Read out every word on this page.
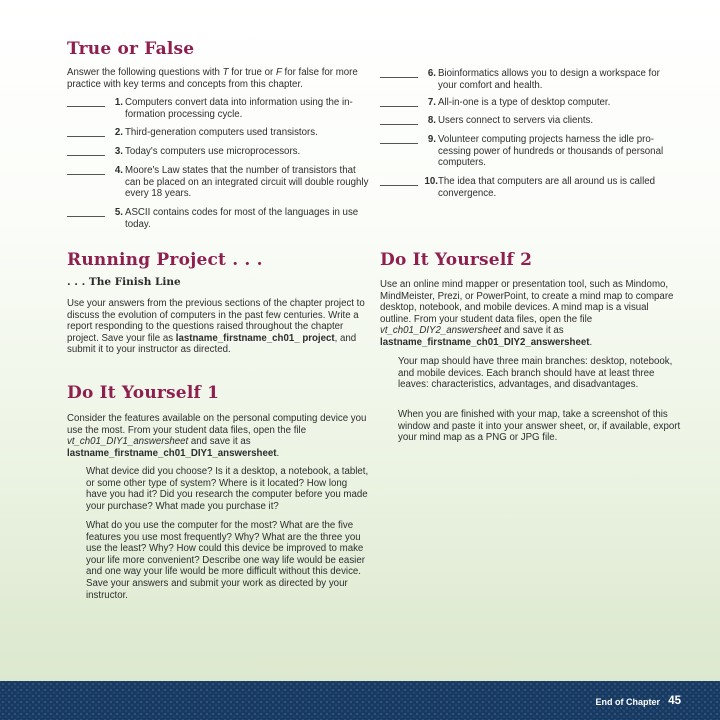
True or False

Answer the following questions with T for true or F for false for more practice with key terms and concepts from this chapter.

1. Computers convert data into information using the in-formation processing cycle.
2. Third-generation computers used transistors.
3. Today's computers use microprocessors.
4. Moore's Law states that the number of transistors that can be placed on an integrated circuit will double roughly every 18 years.
5. ASCII contains codes for most of the languages in use today.
6. Bioinformatics allows you to design a workspace for your comfort and health.
7. All-in-one is a type of desktop computer.
8. Users connect to servers via clients.
9. Volunteer computing projects harness the idle pro-cessing power of hundreds or thousands of personal computers.
10. The idea that computers are all around us is called convergence.
Running Project . . .
. . . The Finish Line

Use your answers from the previous sections of the chapter project to discuss the evolution of computers in the past few centuries. Write a report responding to the questions raised throughout the chapter project. Save your file as lastname_firstname_ch01_ project, and submit it to your instructor as directed.

Do It Yourself 1

Consider the features available on the personal computing device you use the most. From your student data files, open the file vt_ch01_DIY1_answersheet and save it as lastname_firstname_ch01_DIY1_answersheet.

What device did you choose? Is it a desktop, a notebook, a tablet, or some other type of system? Where is it located? How long have you had it? Did you research the computer before you made your purchase? What made you purchase it?

What do you use the computer for the most? What are the five features you use most frequently? Why? What are the three you use the least? Why? How could this device be improved to make your life more convenient? Describe one way life would be easier and one way your life would be more difficult without this device. Save your answers and submit your work as directed by your instructor.

Do It Yourself 2

Use an online mind mapper or presentation tool, such as Mindomo, MindMeister, Prezi, or PowerPoint, to create a mind map to compare desktop, notebook, and mobile devices. A mind map is a visual outline. From your student data files, open the file vt_ch01_DIY2_answersheet and save it as lastname_firstname_ch01_DIY2_answersheet.

Your map should have three main branches: desktop, notebook, and mobile devices. Each branch should have at least three leaves: characteristics, advantages, and disadvantages.

When you are finished with your map, take a screenshot of this window and paste it into your answer sheet, or, if available, export your mind map as a PNG or JPG file.

End of Chapter 45
